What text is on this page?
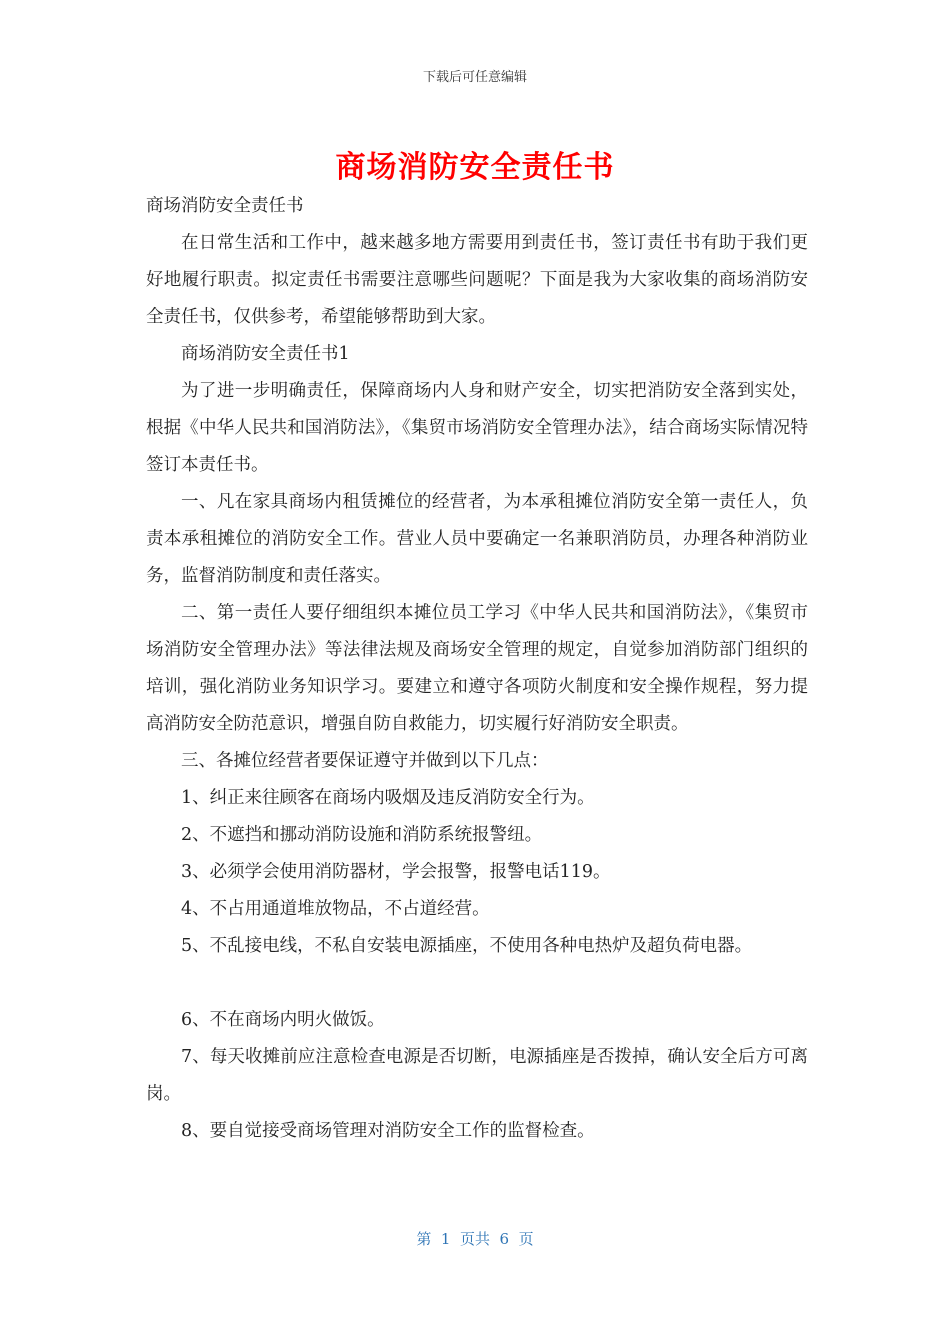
下载后可任意编辑
商场消防安全责任书

商场消防安全责任书

在日常生活和工作中，越来越多地方需要用到责任书，签订责任书有助于我们更好地履行职责。拟定责任书需要注意哪些问题呢？下面是我为大家收集的商场消防安全责任书，仅供参考，希望能够帮助到大家。

商场消防安全责任书1

为了进一步明确责任，保障商场内人身和财产安全，切实把消防安全落到实处，根据《中华人民共和国消防法》，《集贸市场消防安全管理办法》，结合商场实际情况特签订本责任书。

一、凡在家具商场内租赁摊位的经营者，为本承租摊位消防安全第一责任人，负责本承租摊位的消防安全工作。营业人员中要确定一名兼职消防员，办理各种消防业务，监督消防制度和责任落实。

二、第一责任人要仔细组织本摊位员工学习《中华人民共和国消防法》，《集贸市场消防安全管理办法》等法律法规及商场安全管理的规定，自觉参加消防部门组织的培训，强化消防业务知识学习。要建立和遵守各项防火制度和安全操作规程，努力提高消防安全防范意识，增强自防自救能力，切实履行好消防安全职责。

三、各摊位经营者要保证遵守并做到以下几点：

1、纠正来往顾客在商场内吸烟及违反消防安全行为。

2、不遮挡和挪动消防设施和消防系统报警纽。

3、必须学会使用消防器材，学会报警，报警电话119。

4、不占用通道堆放物品，不占道经营。

5、不乱接电线，不私自安装电源插座，不使用各种电热炉及超负荷电器。

6、不在商场内明火做饭。

7、每天收摊前应注意检查电源是否切断，电源插座是否拨掉，确认安全后方可离岗。

8、要自觉接受商场管理对消防安全工作的监督检查。

第  1  页共  6  页
